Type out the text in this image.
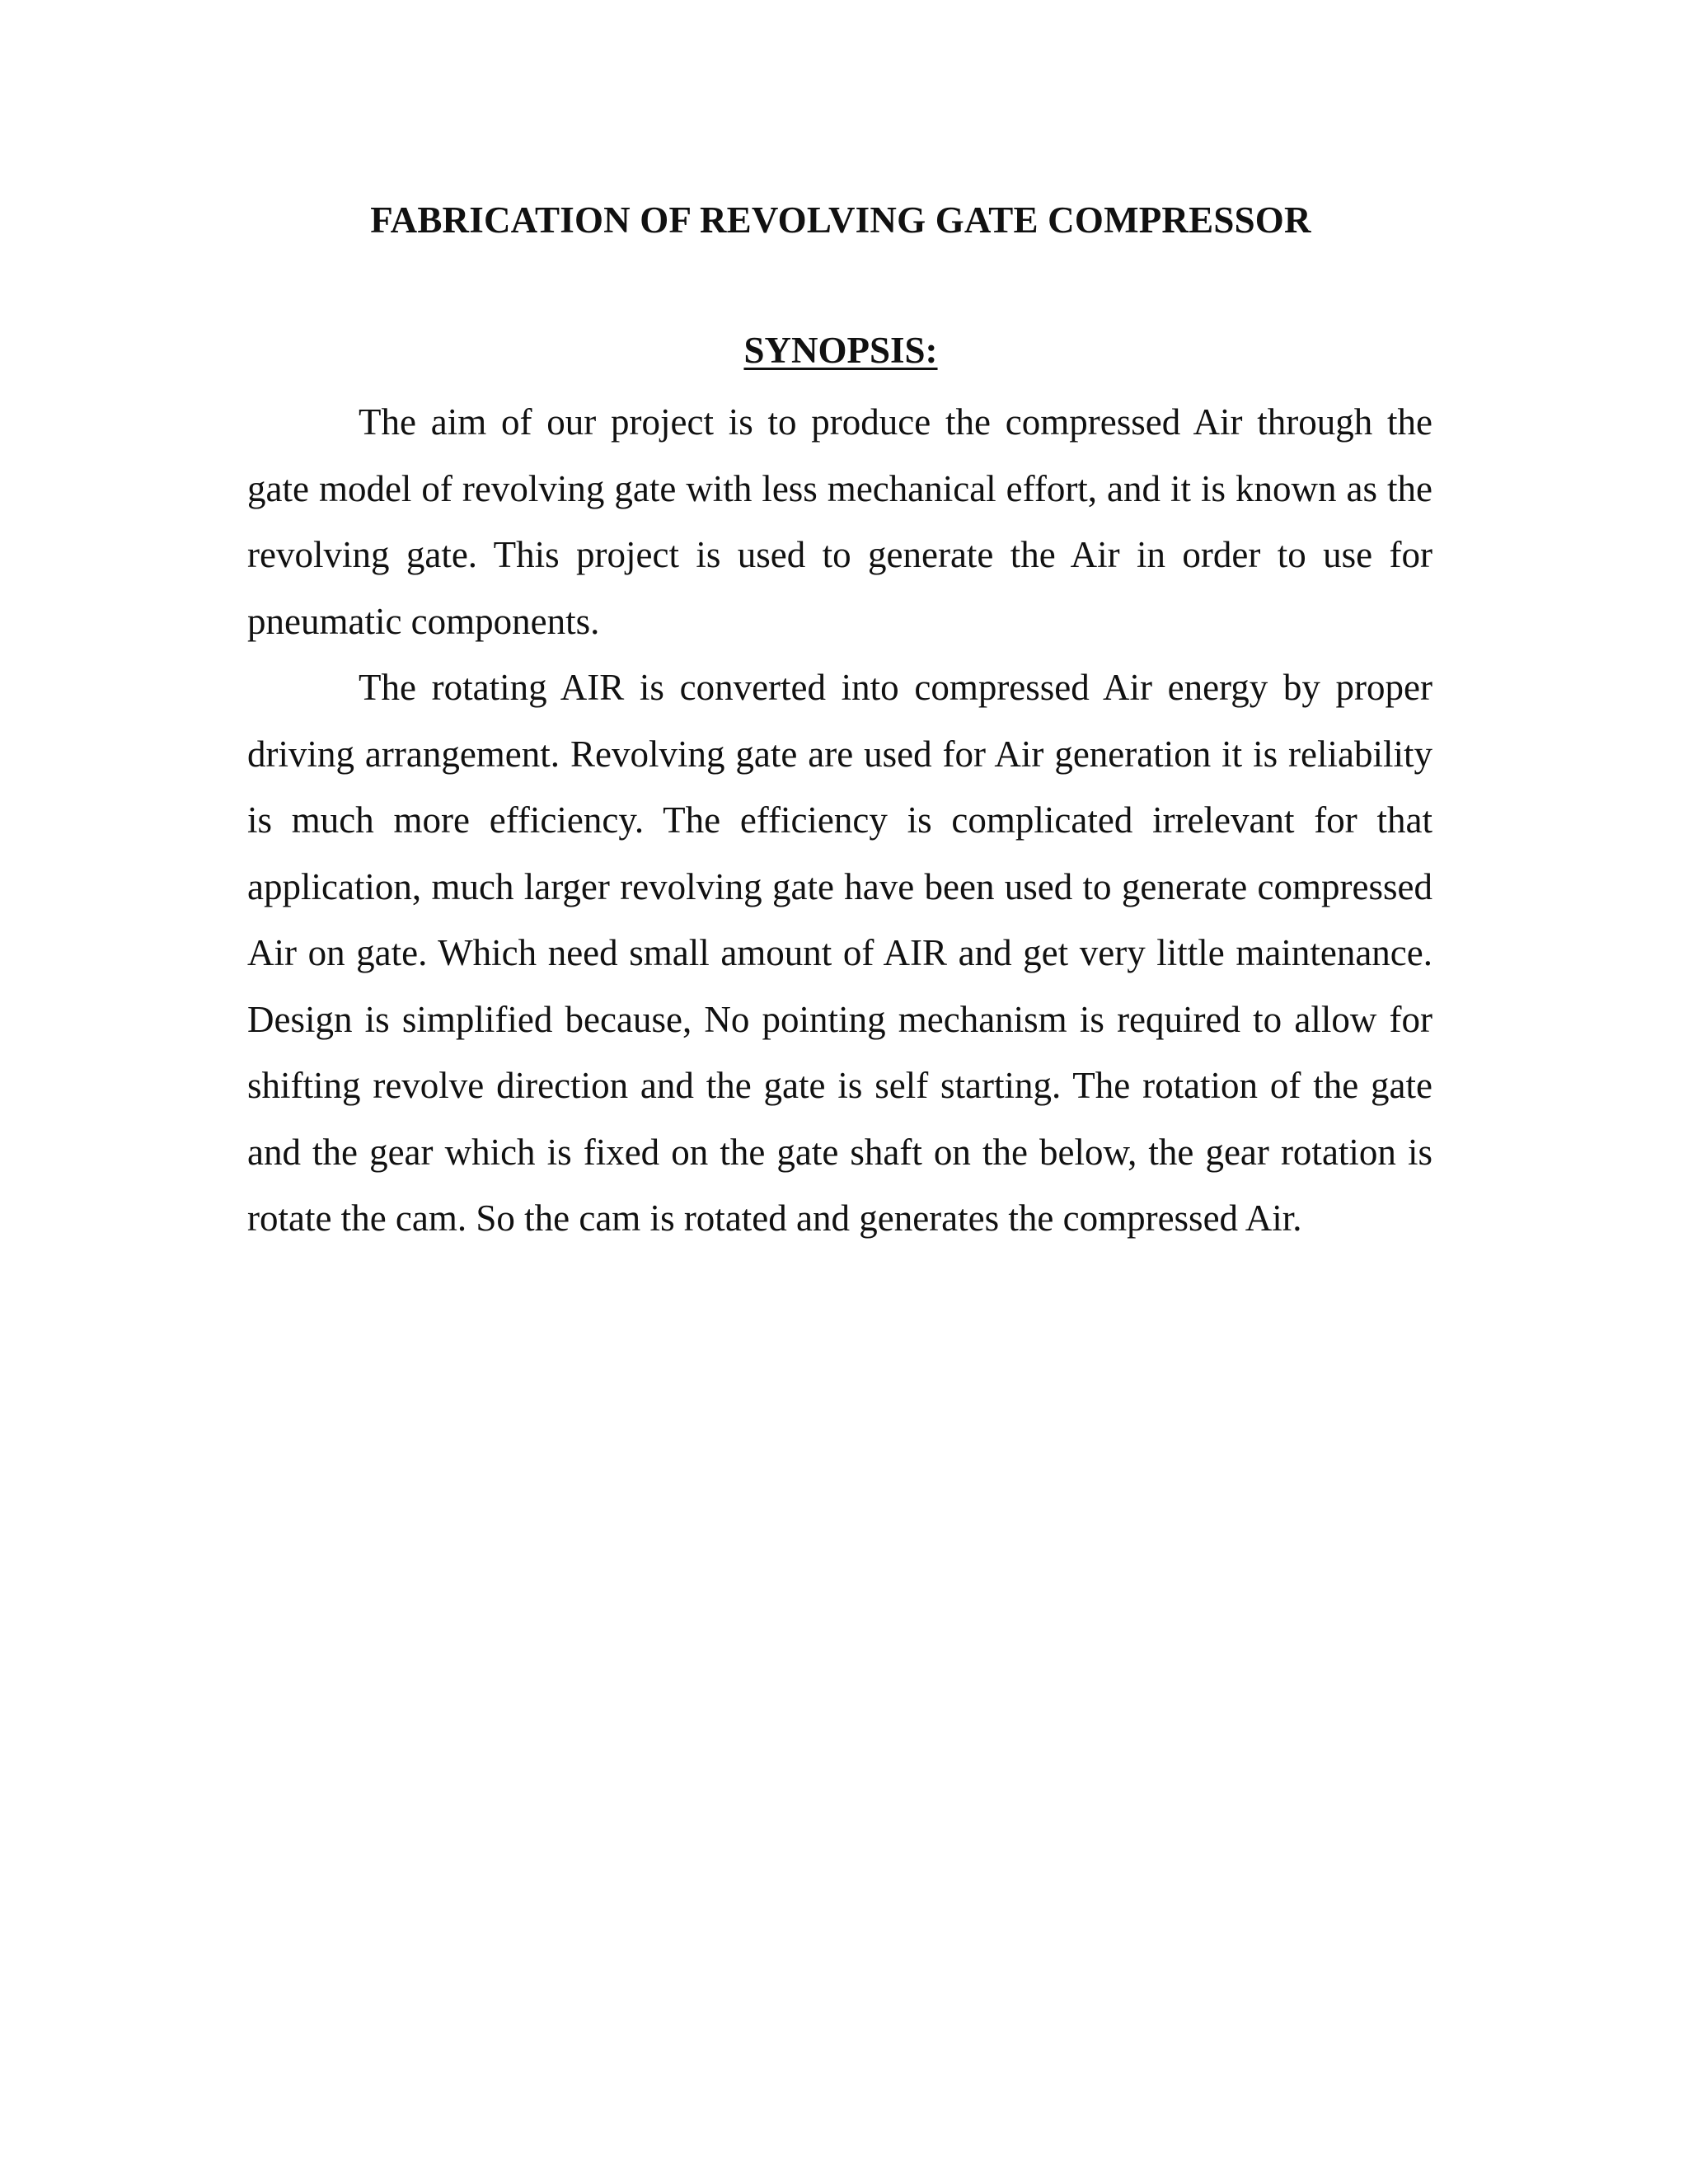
FABRICATION OF REVOLVING GATE COMPRESSOR
SYNOPSIS:

The aim of our project is to produce the compressed Air through the gate model of revolving gate with less mechanical effort, and it is known as the revolving gate. This project is used to generate the Air in order to use for pneumatic components.

The rotating AIR is converted into compressed Air energy by proper driving arrangement. Revolving gate are used for Air generation it is reliability is much more efficiency. The efficiency is complicated irrelevant for that application, much larger revolving gate have been used to generate compressed Air on gate. Which need small amount of AIR and get very little maintenance. Design is simplified because, No pointing mechanism is required to allow for shifting revolve direction and the gate is self starting. The rotation of the gate and the gear which is fixed on the gate shaft on the below, the gear rotation is rotate the cam. So the cam is rotated and generates the compressed Air.
